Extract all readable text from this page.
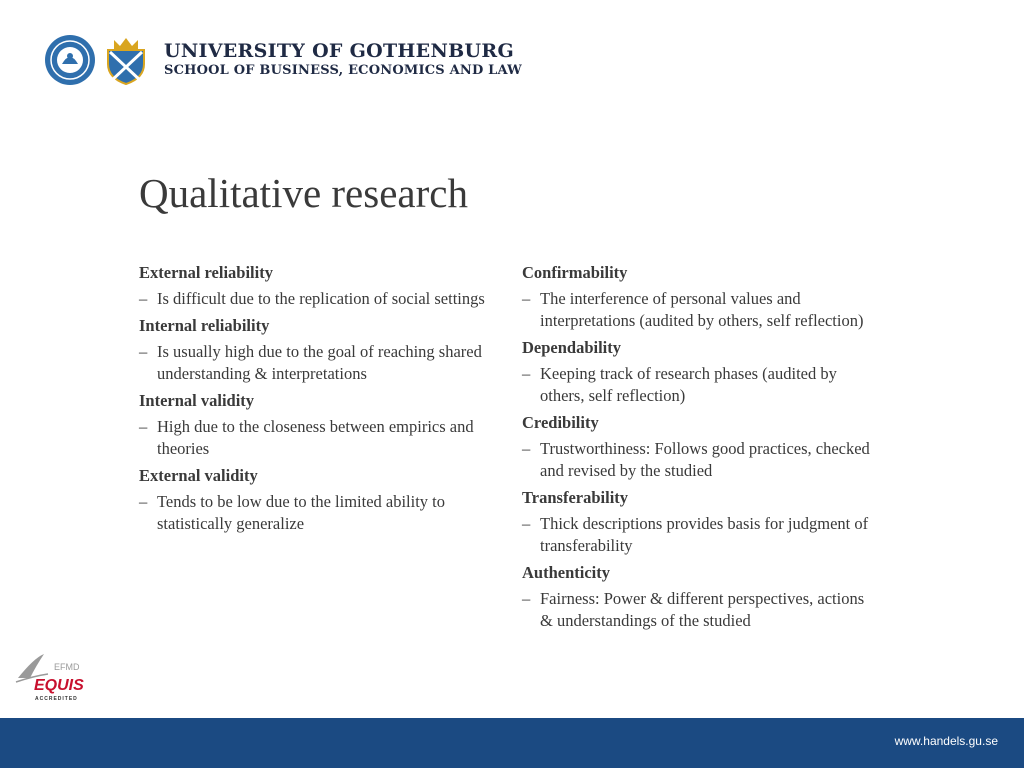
UNIVERSITY OF GOTHENBURG
SCHOOL OF BUSINESS, ECONOMICS AND LAW
Qualitative research
External reliability
– Is difficult due to the replication of social settings
Internal reliability
– Is usually high due to the goal of reaching shared understanding & interpretations
Internal validity
– High due to the closeness between empirics and theories
External validity
– Tends to be low due to the limited ability to statistically generalize
Confirmability
– The interference of personal values and interpretations (audited by others, self reflection)
Dependability
– Keeping track of research phases (audited by others, self reflection)
Credibility
– Trustworthiness: Follows good practices, checked and revised by the studied
Transferability
– Thick descriptions provides basis for judgment of transferability
Authenticity
– Fairness: Power & different perspectives, actions & understandings of the studied
EFMD
EQUIS
ACCREDITED
www.handels.gu.se
